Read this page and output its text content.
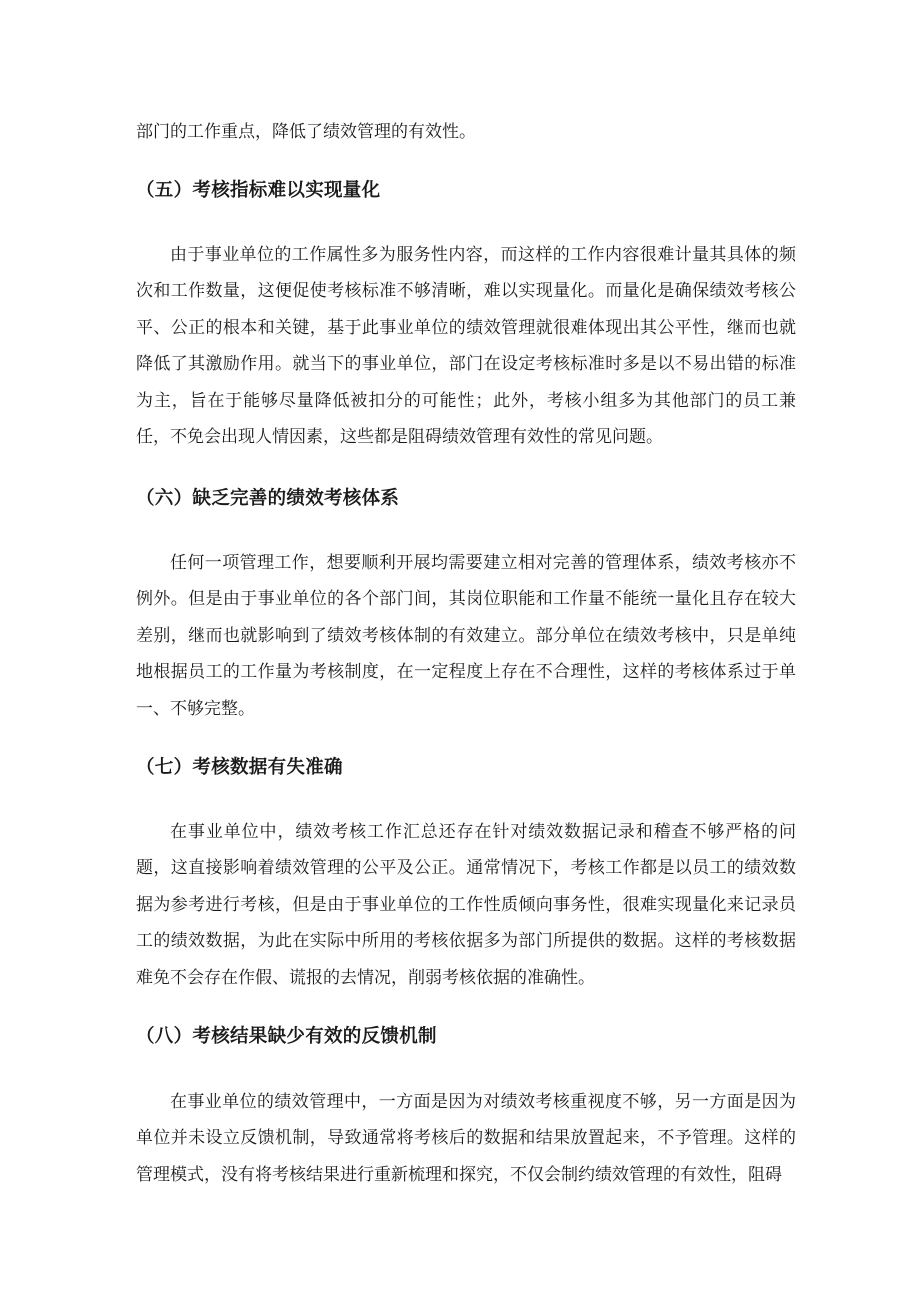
部门的工作重点，降低了绩效管理的有效性。

（五）考核指标难以实现量化

由于事业单位的工作属性多为服务性内容，而这样的工作内容很难计量其具体的频次和工作数量，这便促使考核标准不够清晰，难以实现量化。而量化是确保绩效考核公平、公正的根本和关键，基于此事业单位的绩效管理就很难体现出其公平性，继而也就降低了其激励作用。就当下的事业单位，部门在设定考核标准时多是以不易出错的标准为主，旨在于能够尽量降低被扣分的可能性；此外，考核小组多为其他部门的员工兼任，不免会出现人情因素，这些都是阻碍绩效管理有效性的常见问题。

（六）缺乏完善的绩效考核体系

任何一项管理工作，想要顺利开展均需要建立相对完善的管理体系，绩效考核亦不例外。但是由于事业单位的各个部门间，其岗位职能和工作量不能统一量化且存在较大差别，继而也就影响到了绩效考核体制的有效建立。部分单位在绩效考核中，只是单纯地根据员工的工作量为考核制度，在一定程度上存在不合理性，这样的考核体系过于单一、不够完整。

（七）考核数据有失准确

在事业单位中，绩效考核工作汇总还存在针对绩效数据记录和稽查不够严格的问题，这直接影响着绩效管理的公平及公正。通常情况下，考核工作都是以员工的绩效数据为参考进行考核，但是由于事业单位的工作性质倾向事务性，很难实现量化来记录员工的绩效数据，为此在实际中所用的考核依据多为部门所提供的数据。这样的考核数据难免不会存在作假、谎报的去情况，削弱考核依据的准确性。

（八）考核结果缺少有效的反馈机制

在事业单位的绩效管理中，一方面是因为对绩效考核重视度不够，另一方面是因为单位并未设立反馈机制，导致通常将考核后的数据和结果放置起来，不予管理。这样的管理模式，没有将考核结果进行重新梳理和探究，不仅会制约绩效管理的有效性，阻碍
